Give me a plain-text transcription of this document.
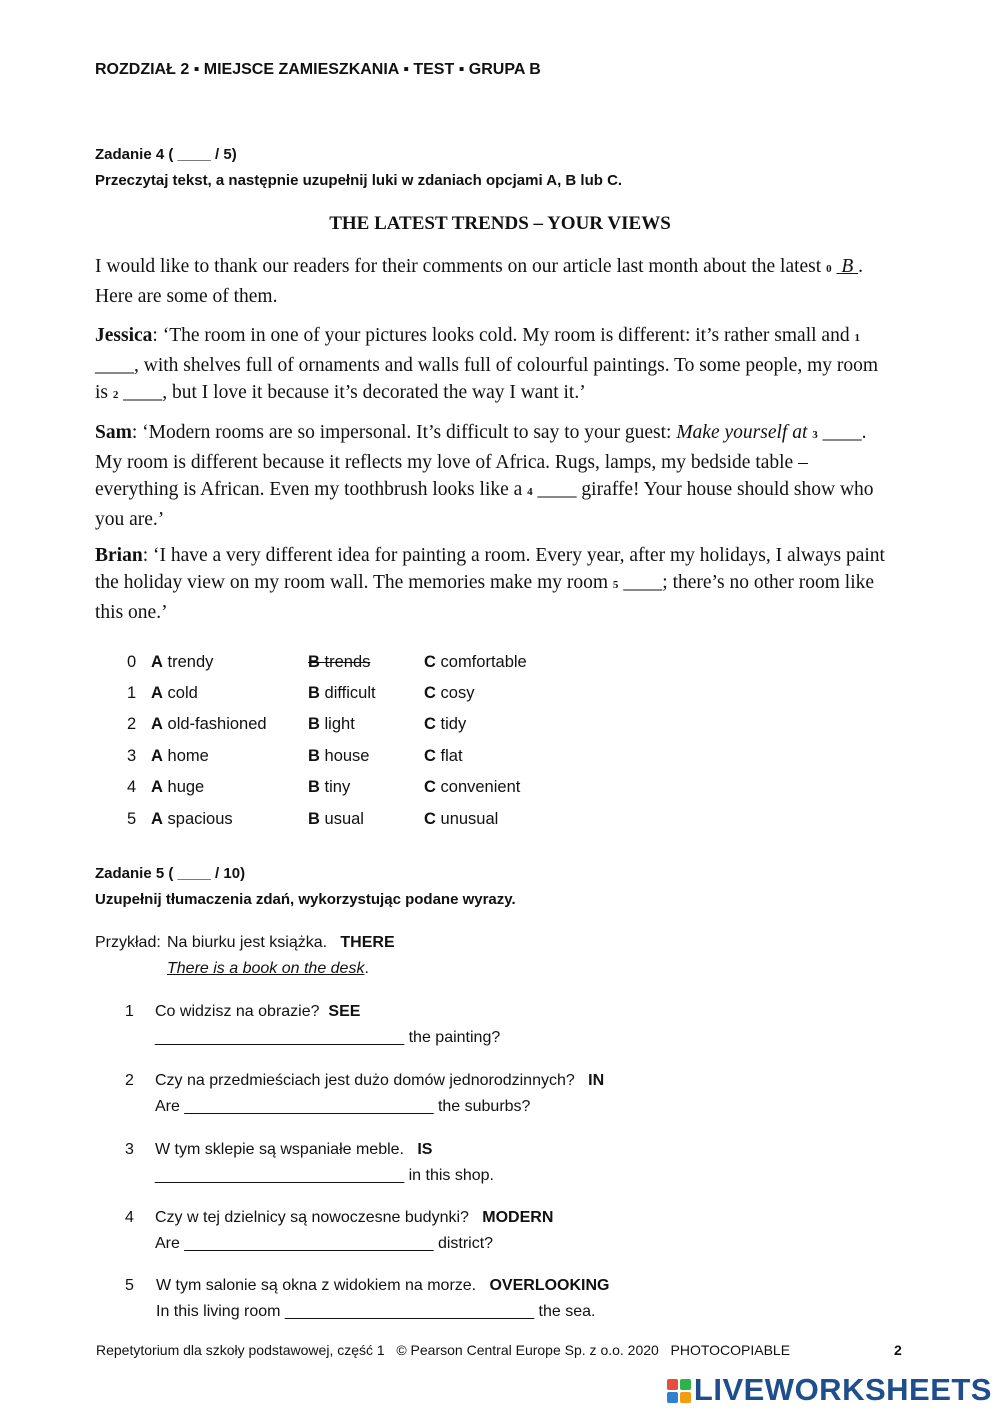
ROZDZIAŁ 2 ▪ MIEJSCE ZAMIESZKANIA ▪ TEST ▪ GRUPA B
Zadanie 4 ( ____ / 5)
Przeczytaj tekst, a następnie uzupełnij luki w zdaniach opcjami A, B lub C.
THE LATEST TRENDS – YOUR VIEWS
I would like to thank our readers for their comments on our article last month about the latest 0 B . Here are some of them.
Jessica: ‘The room in one of your pictures looks cold. My room is different: it’s rather small and 1 ____, with shelves full of ornaments and walls full of colourful paintings. To some people, my room is 2 ____, but I love it because it’s decorated the way I want it.’
Sam: ‘Modern rooms are so impersonal. It’s difficult to say to your guest: Make yourself at 3 ____.
My room is different because it reflects my love of Africa. Rugs, lamps, my bedside table – everything is African. Even my toothbrush looks like a 4 ____ giraffe! Your house should show who you are.’
Brian: ‘I have a very different idea for painting a room. Every year, after my holidays, I always paint the holiday view on my room wall. The memories make my room 5 ____; there’s no other room like this one.’
0 A trendy	B trends	C comfortable
1 A cold	B difficult	C cosy
2 A old-fashioned	B light	C tidy
3 A home	B house	C flat
4 A huge	B tiny	C convenient
5 A spacious	B usual	C unusual
Zadanie 5 ( ____ / 10)
Uzupełnij tłumaczenia zdań, wykorzystując podane wyrazy.
Przykład: Na biurku jest książka. THERE
There is a book on the desk.
1 Co widzisz na obrazie? SEE
____________________________ the painting?
2 Czy na przedmieściach jest dużo domów jednorodzinnych? IN
Are ____________________________ the suburbs?
3 W tym sklepie są wspaniałe meble. IS
____________________________ in this shop.
4 Czy w tej dzielnicy są nowoczesne budynki? MODERN
Are ____________________________ district?
5 W tym salonie są okna z widokiem na morze. OVERLOOKING
In this living room ____________________________ the sea.
Repetytorium dla szkoły podstawowej, część 1   © Pearson Central Europe Sp. z o.o. 2020   PHOTOCOPIABLE	2
LIVEWORKSHEETS
